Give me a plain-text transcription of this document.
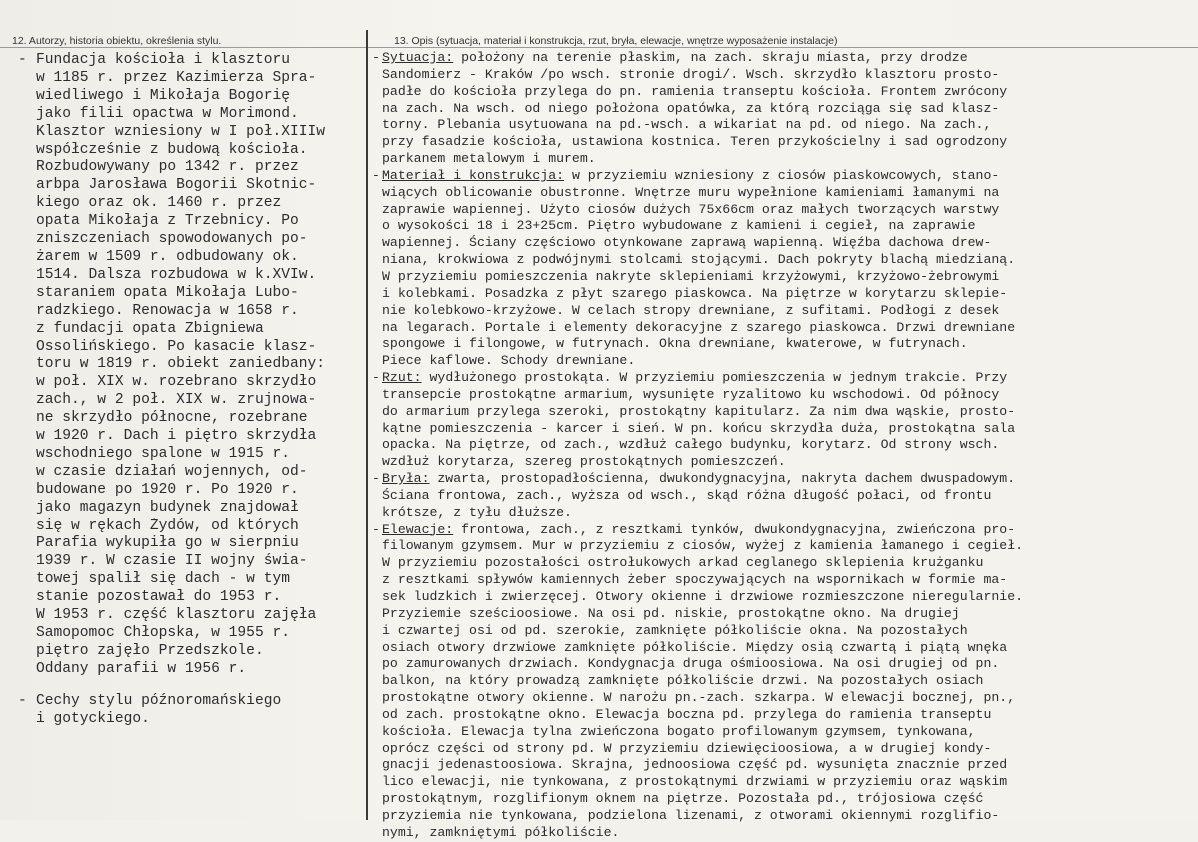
12. Autorzy, historia obiektu, określenia stylu.	13. Opis (sytuacja, materiał i konstrukcja, rzut, bryła, elewacje, wnętrze wyposażenie instalacje)
- Fundacja kościoła i klasztoru
w 1185 r. przez Kazimierza Spra-
wiedliwego i Mikołaja Bogorię
jako filii opactwa w Morimond.
Klasztor wzniesiony w I poł.XIIIw
współcześnie z budową kościoła.
Rozbudowywany po 1342 r. przez
arbpa Jarosława Bogorii Skotnic-
kiego oraz ok. 1460 r. przez
opata Mikołaja z Trzebnicy. Po
zniszczeniach spowodowanych po-
żarem w 1509 r. odbudowany ok.
1514. Dalsza rozbudowa w k.XVIw.
staraniem opata Mikołaja Lubo-
radzkiego. Renowacja w 1658 r.
z fundacji opata Zbigniewa
Ossolińskiego. Po kasacie klasz-
toru w 1819 r. obiekt zaniedbany:
w poł. XIX w. rozebrano skrzydło
zach., w 2 poł. XIX w. zrujnowa-
ne skrzydło północne, rozebrane
w 1920 r. Dach i piętro skrzydła
wschodniego spalone w 1915 r.
w czasie działań wojennych, od-
budowane po 1920 r. Po 1920 r.
jako magazyn budynek znajdował
się w rękach Żydów, od których
Parafia wykupiła go w sierpniu
1939 r. W czasie II wojny świa-
towej spalił się dach - w tym
stanie pozostawał do 1953 r.
W 1953 r. część klasztoru zajęła
Samopomoc Chłopska, w 1955 r.
piętro zajęło Przedszkole.
Oddany parafii w 1956 r.
- Cechy stylu późnoromańskiego
i gotyckiego.
- Sytuacja: położony na terenie płaskim, na zach. skraju miasta, przy drodze
Sandomierz - Kraków /po wsch. stronie drogi/. Wsch. skrzydło klasztoru prosto-
padłe do kościoła przylega do pn. ramienia transeptu kościoła. Frontem zwrócony
na zach. Na wsch. od niego położona opatówka, za którą rozciąga się sad klasz-
torny. Plebania usytuowana na pd.-wsch. a wikariat na pd. od niego. Na zach.,
przy fasadzie kościoła, ustawiona kostnica. Teren przykościelny i sad ogrodzony
parkanem metalowym i murem.
- Materiał i konstrukcja: w przyziemiu wzniesiony z ciosów piaskowcowych, stano-
wiących oblicowanie obustronne. Wnętrze muru wypełnione kamieniami łamanymi na
zaprawie wapiennej. Użyto ciosów dużych 75x66cm oraz małych tworzących warstwy
o wysokości 18 i 23+25cm. Piętro wybudowane z kamieni i cegieł, na zaprawie
wapiennej. Ściany częściowo otynkowane zaprawą wapienną. Więźba dachowa drew-
niana, krokwiowa z podwójnymi stolcami stojącymi. Dach pokryty blachą miedzianą.
W przyziemiu pomieszczenia nakryte sklepieniami krzyżowymi, krzyżowo-żebrowymi
i kolebkami. Posadzka z płyt szarego piaskowca. Na piętrze w korytarzu sklepie-
nie kolebkowo-krzyżowe. W celach stropy drewniane, z sufitami. Podłogi z desek
na legarach. Portale i elementy dekoracyjne z szarego piaskowca. Drzwi drewniane
spongowe i filongowe, w futrynach. Okna drewniane, kwaterowe, w futrynach.
Piece kaflowe. Schody drewniane.
- Rzut: wydłużonego prostokąta. W przyziemiu pomieszczenia w jednym trakcie. Przy
transepcie prostokątne armarium, wysunięte ryzalitowo ku wschodowi. Od północy
do armarium przylega szeroki, prostokątny kapitularz. Za nim dwa wąskie, prosto-
kątne pomieszczenia - karcer i sień. W pn. końcu skrzydła duża, prostokątna sala
opacka. Na piętrze, od zach., wzdłuż całego budynku, korytarz. Od strony wsch.
wzdłuż korytarza, szereg prostokątnych pomieszczeń.
- Bryła: zwarta, prostopadłościenna, dwukondygnacyjna, nakryta dachem dwuspadowym.
Ściana frontowa, zach., wyższa od wsch., skąd różna długość połaci, od frontu
krótsze, z tyłu dłuższe.
- Elewacje: frontowa, zach., z resztkami tynków, dwukondygnacyjna, zwieńczona pro-
filowanym gzymsem. Mur w przyziemiu z ciosów, wyżej z kamienia łamanego i cegieł.
W przyziemiu pozostałości ostrołukowych arkad ceglanego sklepienia krużganku
z resztkami spływów kamiennych żeber spoczywających na wspornikach w formie ma-
sek ludzkich i zwierzęcej. Otwory okienne i drzwiowe rozmieszczone nieregularnie.
Przyziemie sześcioosiowe. Na osi pd. niskie, prostokątne okno. Na drugiej
i czwartej osi od pd. szerokie, zamknięte półkoliście okna. Na pozostałych
osiach otwory drzwiowe zamknięte półkoliście. Między osią czwartą i piątą wnęka
po zamurowanych drzwiach. Kondygnacja druga ośmioosiowa. Na osi drugiej od pn.
balkon, na który prowadzą zamknięte półkoliście drzwi. Na pozostałych osiach
prostokątne otwory okienne. W narożu pn.-zach. szkarpa. W elewacji bocznej, pn.,
od zach. prostokątne okno. Elewacja boczna pd. przylega do ramienia transeptu
kościoła. Elewacja tylna zwieńczona bogato profilowanym gzymsem, tynkowana,
oprócz części od strony pd. W przyziemiu dziewięcioosiowa, a w drugiej kondy-
gnacji jedenastoosiowa. Skrajna, jednoosiowa część pd. wysunięta znacznie przed
lico elewacji, nie tynkowana, z prostokątnymi drzwiami w przyziemiu oraz wąskim
prostokątnym, rozglifionym oknem na piętrze. Pozostała pd., trójosiowa część
przyziemia nie tynkowana, podzielona lizenami, z otworami okiennymi rozglifio-
nymi, zamkniętymi półkoliście.
